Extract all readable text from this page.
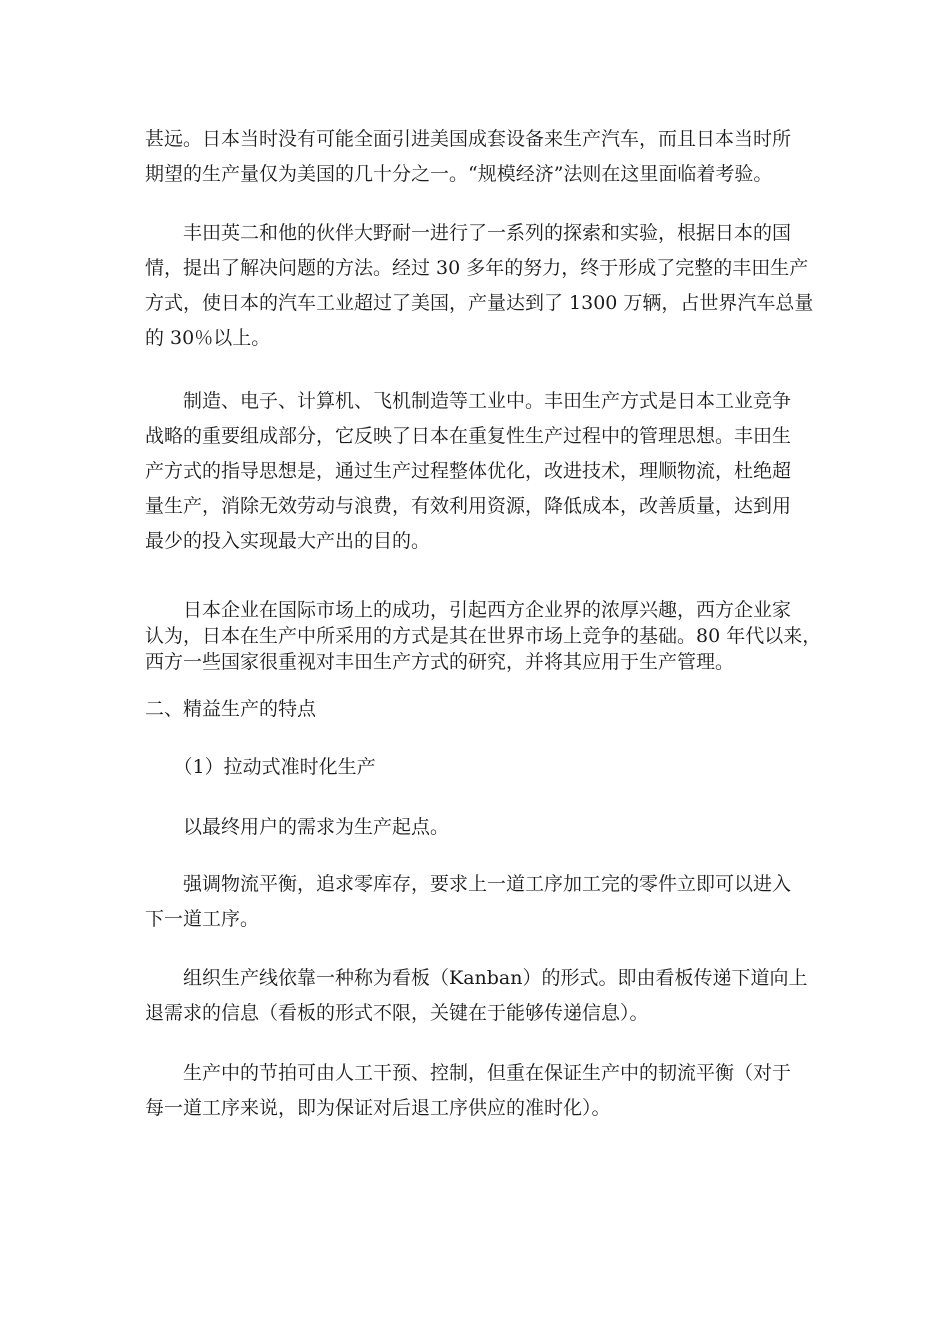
甚远。日本当时没有可能全面引进美国成套设备来生产汽车，而且日本当时所
期望的生产量仅为美国的几十分之一。“规模经济”法则在这里面临着考验。
　　丰田英二和他的伙伴大野耐一进行了一系列的探索和实验，根据日本的国
情，提出了解决问题的方法。经过 30 多年的努力，终于形成了完整的丰田生产
方式，使日本的汽车工业超过了美国，产量达到了 1300 万辆，占世界汽车总量
的 30％以上。
　　制造、电子、计算机、飞机制造等工业中。丰田生产方式是日本工业竞争
战略的重要组成部分，它反映了日本在重复性生产过程中的管理思想。丰田生
产方式的指导思想是，通过生产过程整体优化，改进技术，理顺物流，杜绝超
量生产，消除无效劳动与浪费，有效利用资源，降低成本，改善质量，达到用
最少的投入实现最大产出的目的。
　　日本企业在国际市场上的成功，引起西方企业界的浓厚兴趣，西方企业家
认为，日本在生产中所采用的方式是其在世界市场上竞争的基础。80 年代以来，
西方一些国家很重视对丰田生产方式的研究，并将其应用于生产管理。
二、精益生产的特点
　　（1）拉动式准时化生产
　　以最终用户的需求为生产起点。
　　强调物流平衡，追求零库存，要求上一道工序加工完的零件立即可以进入
下一道工序。
　　组织生产线依靠一种称为看板（Kanban）的形式。即由看板传递下道向上
退需求的信息（看板的形式不限，关键在于能够传递信息）。
　　生产中的节拍可由人工干预、控制，但重在保证生产中的韧流平衡（对于
每一道工序来说，即为保证对后退工序供应的准时化）。
